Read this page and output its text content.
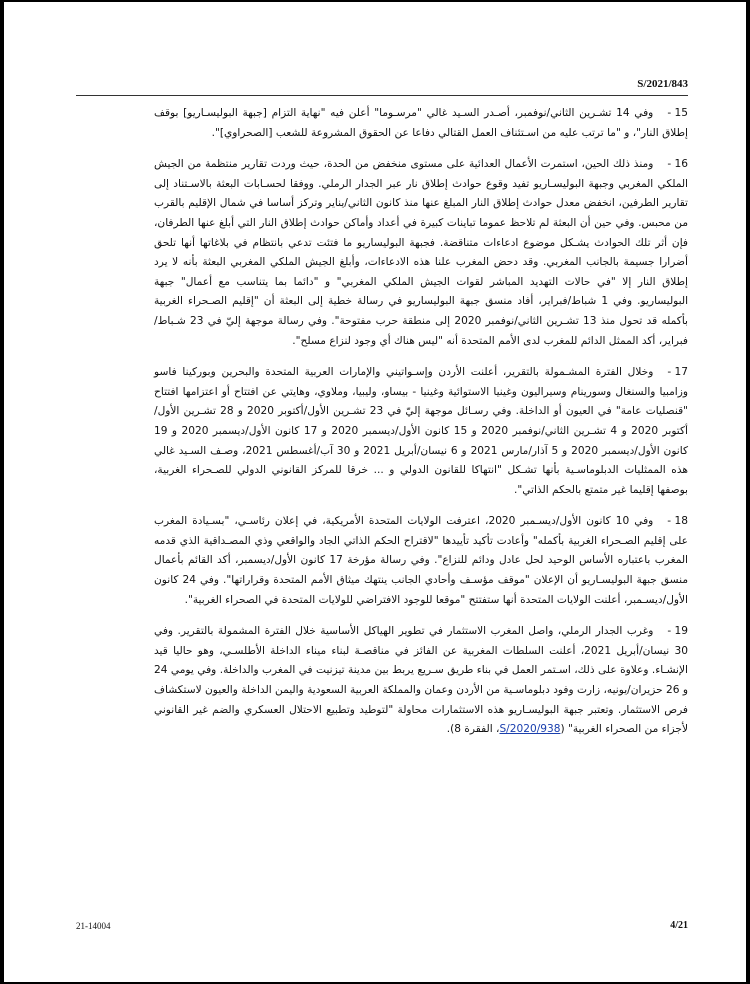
S/2021/843

15 -وفي 14 تشـرين الثاني/نوفمبر، أصـدر السـيد غالي "مرسـوما" أعلن فيه "نهاية التزام [جبهة البوليسـاريو] بوقف إطلاق النار"، و "ما ترتب عليه من اسـتئناف العمل القتالي دفاعا عن الحقوق المشروعة للشعب [الصحراوي]".

16 -ومنذ ذلك الحين، استمرت الأعمال العدائية على مستوى منخفض من الحدة، حيث وردت تقارير منتظمة من الجيش الملكي المغربي وجبهة البوليسـاريو تفيد وقوع حوادث إطلاق نار عبر الجدار الرملي. ووفقا لحسـابات البعثة بالاسـتناد إلى تقارير الطرفين، انخفض معدل حوادث إطلاق النار المبلغ عنها منذ كانون الثاني/يناير وتركز أساسا في شمال الإقليم بالقرب من محبس. وفي حين أن البعثة لم تلاحظ عموما تباينات كبيرة في أعداد وأماكن حوادث إطلاق النار التي أبلغ عنها الطرفان، فإن أثر تلك الحوادث يشـكل موضوع ادعاءات متناقضة. فجبهة البوليساريو ما فتئت تدعي بانتظام في بلاغاتها أنها تلحق أضرارا جسيمة بالجانب المغربي. وقد دحض المغرب علنا هذه الادعاءات، وأبلغ الجيش الملكي المغربي البعثة بأنه لا يرد إطلاق النار إلا "في حالات التهديد المباشر لقوات الجيش الملكي المغربي" و "دائما بما يتناسب مع أعمال" جبهة البوليساريو. وفي 1 شباط/فبراير، أفاد منسق جبهة البوليساريو في رسالة خطية إلى البعثة أن "إقليم الصـحراء الغربية بأكمله قد تحول منذ 13 تشـرين الثاني/نوفمبر 2020 إلى منطقة حرب مفتوحة". وفي رسالة موجهة إليّ في 23 شـباط/فبراير، أكد الممثل الدائم للمغرب لدى الأمم المتحدة أنه "ليس هناك أي وجود لنزاع مسلح".

17 -وخلال الفترة المشـمولة بالتقرير، أعلنت الأردن وإسـواتيني والإمارات العربية المتحدة والبحرين وبوركينا فاسو وزامبيا والسنغال وسورينام وسيراليون وغينيا الاستوائية وغينيا - بيساو، وليبيا، وملاوي، وهايتي عن افتتاح أو اعتزامها افتتاح "قنصليات عامة" في العيون أو الداخلة. وفي رسـائل موجهة إليّ في 23 تشـرين الأول/أكتوبر 2020 و 28 تشـرين الأول/أكتوبر 2020 و 4 تشـرين الثاني/نوفمبر 2020 و 15 كانون الأول/ديسمبر 2020 و 17 كانون الأول/ديسمبر 2020 و 19 كانون الأول/ديسمبر 2020 و 5 آذار/مارس 2021 و 6 نيسان/أبريل 2021 و 30 آب/أغسطس 2021، وصـف السـيد غالي هذه الممثليات الدبلوماسـية بأنها تشـكل "انتهاكا للقانون الدولي و ... خرقا للمركز القانوني الدولي للصـحراء الغربية، بوصفها إقليما غير متمتع بالحكم الذاتي".

18 -وفي 10 كانون الأول/ديسـمبر 2020، اعترفت الولايات المتحدة الأمريكية، في إعلان رئاسـي، "بسـيادة المغرب على إقليم الصـحراء الغربية بأكمله" وأعادت تأكيد تأييدها "لاقتراح الحكم الذاتي الجاد والواقعي وذي المصـداقية الذي قدمه المغرب باعتباره الأساس الوحيد لحل عادل ودائم للنزاع". وفي رسالة مؤرخة 17 كانون الأول/ديسمبر، أكد القائم بأعمال منسق جبهة البوليسـاريو أن الإعلان "موقف مؤسـف وأحادي الجانب ينتهك ميثاق الأمم المتحدة وقراراتها". وفي 24 كانون الأول/ديسـمبر، أعلنت الولايات المتحدة أنها ستفتتح "موقعا للوجود الافتراضي للولايات المتحدة في الصحراء الغربية".

19 -وغرب الجدار الرملي، واصل المغرب الاستثمار في تطوير الهياكل الأساسية خلال الفترة المشمولة بالتقرير. وفي 30 نيسان/أبريل 2021، أعلنت السلطات المغربية عن الفائز في مناقصـة لبناء ميناء الداخلة الأطلسـي، وهو حاليا قيد الإنشـاء. وعلاوة على ذلك، اسـتمر العمل في بناء طريق سـريع يربط بين مدينة تيزنيت في المغرب والداخلة. وفي يومي 24 و 26 حزيران/يونيه، زارت وفود دبلوماسـية من الأردن وعمان والمملكة العربية السعودية واليمن الداخلة والعيون لاستكشاف فرص الاستثمار. وتعتبر جبهة البوليسـاريو هذه الاستثمارات محاولة "لتوطيد وتطبيع الاحتلال العسكري والضم غير القانوني لأجزاء من الصحراء الغربية" (S/2020/938، الفقرة 8).

21-14004	4/21
